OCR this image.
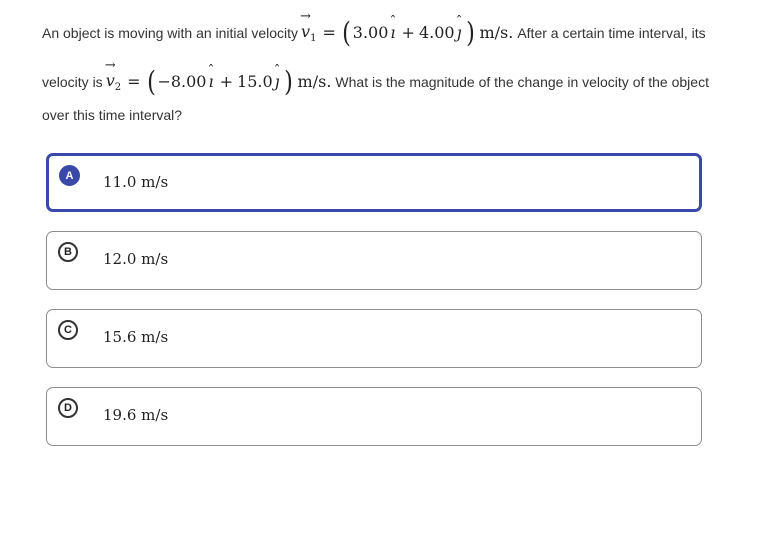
An object is moving with an initial velocity → $v_1$ = ( 3.00 ˆ ı + 4.00 ˆ ȷ ) m/s. After a certain time interval, its
velocity is → $v_2$ = ( −8.00 ˆ ı + 15.0 ˆ ȷ ) m/s. What is the magnitude of the change in velocity of the object
over this time interval?
A	11.0 m/s
B	12.0 m/s
C	15.6 m/s
D	19.6 m/s
